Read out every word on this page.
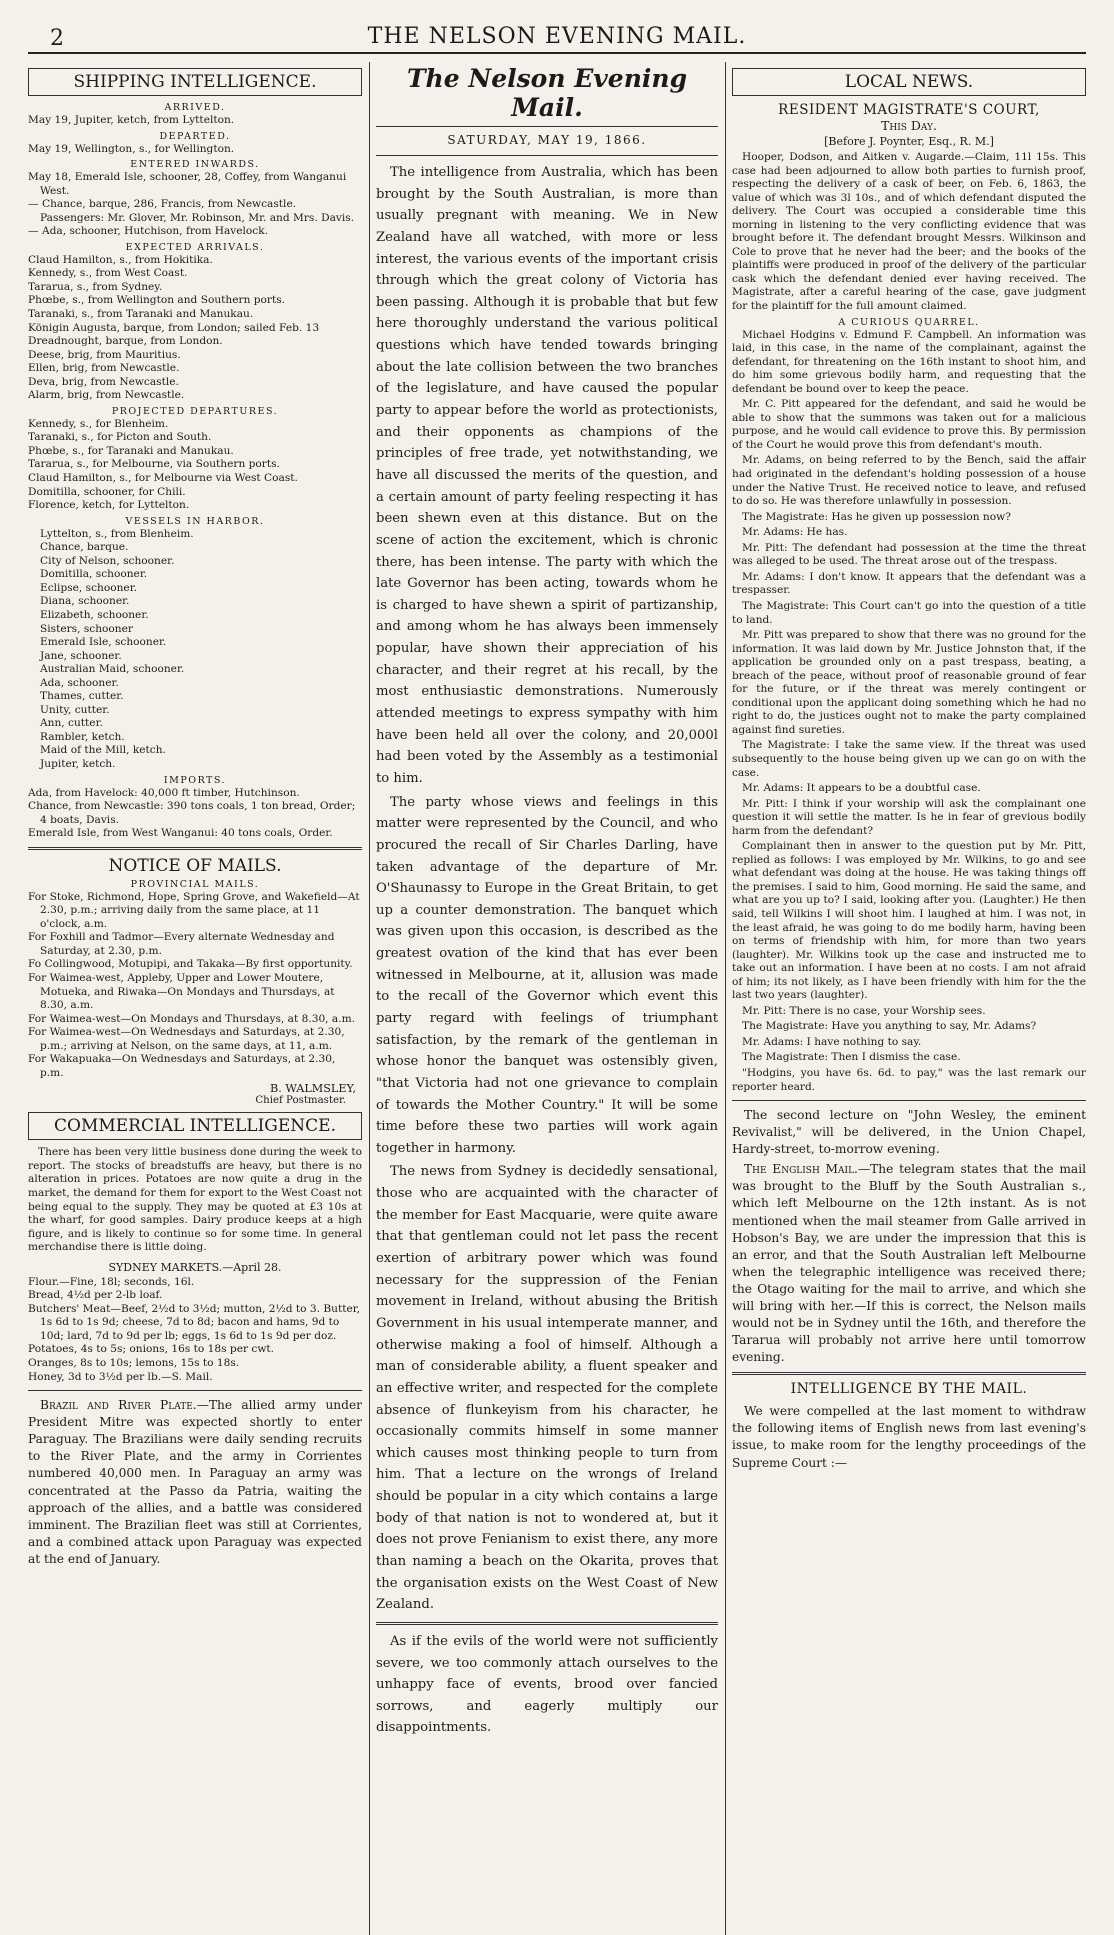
2	THE NELSON EVENING MAIL.
SHIPPING INTELLIGENCE.
ARRIVED.

May 19, Jupiter, ketch, from Lyttelton.

DEPARTED.

May 19, Wellington, s., for Wellington.

ENTERED INWARDS.

May 18, Emerald Isle, schooner, 28, Coffey, from Wanganui West.

— Chance, barque, 286, Francis, from Newcastle. Passengers: Mr. Glover, Mr. Robinson, Mr. and Mrs. Davis.

— Ada, schooner, Hutchison, from Havelock.

EXPECTED ARRIVALS.

Claud Hamilton, s., from Hokitika.

Kennedy, s., from West Coast.

Tararua, s., from Sydney.

Phœbe, s., from Wellington and Southern ports.

Taranaki, s., from Taranaki and Manukau.

Königin Augusta, barque, from London; sailed Feb. 13

Dreadnought, barque, from London.

Deese, brig, from Mauritius.

Ellen, brig, from Newcastle.

Deva, brig, from Newcastle.

Alarm, brig, from Newcastle.

PROJECTED DEPARTURES.

Kennedy, s., for Blenheim.

Taranaki, s., for Picton and South.

Phœbe, s., for Taranaki and Manukau.

Tararua, s., for Melbourne, via Southern ports.

Claud Hamilton, s., for Melbourne via West Coast.

Domitilla, schooner, for Chili.

Florence, ketch, for Lyttelton.

VESSELS IN HARBOR.

Lyttelton, s., from Blenheim.

Chance, barque.

City of Nelson, schooner.

Domitilla, schooner.

Eclipse, schooner.

Diana, schooner.

Elizabeth, schooner.

Sisters, schooner

Emerald Isle, schooner.

Jane, schooner.

Australian Maid, schooner.

Ada, schooner.

Thames, cutter.

Unity, cutter.

Ann, cutter.

Rambler, ketch.

Maid of the Mill, ketch.

Jupiter, ketch.

IMPORTS.

Ada, from Havelock: 40,000 ft timber, Hutchinson.

Chance, from Newcastle: 390 tons coals, 1 ton bread, Order; 4 boats, Davis.

Emerald Isle, from West Wanganui: 40 tons coals, Order.

NOTICE OF MAILS.
PROVINCIAL MAILS.

For Stoke, Richmond, Hope, Spring Grove, and Wakefield—At 2.30, p.m.; arriving daily from the same place, at 11 o'clock, a.m.

For Foxhill and Tadmor—Every alternate Wednesday and Saturday, at 2.30, p.m.

Fo Collingwood, Motupipi, and Takaka—By first opportunity.

For Waimea-west, Appleby, Upper and Lower Moutere, Motueka, and Riwaka—On Mondays and Thursdays, at 8.30, a.m.

For Waimea-west—On Mondays and Thursdays, at 8.30, a.m.

For Waimea-west—On Wednesdays and Saturdays, at 2.30, p.m.; arriving at Nelson, on the same days, at 11, a.m.

For Wakapuaka—On Wednesdays and Saturdays, at 2.30, p.m.

B. WALMSLEY,
Chief Postmaster.
COMMERCIAL INTELLIGENCE.

There has been very little business done during the week to report. The stocks of breadstuffs are heavy, but there is no alteration in prices. Potatoes are now quite a drug in the market, the demand for them for export to the West Coast not being equal to the supply. They may be quoted at £3 10s at the wharf, for good samples. Dairy produce keeps at a high figure, and is likely to continue so for some time. In general merchandise there is little doing.

SYDNEY MARKETS.—April 28.

Flour.—Fine, 18l; seconds, 16l.

Bread, 4½d per 2-lb loaf.

Butchers' Meat—Beef, 2½d to 3½d; mutton, 2½d to 3. Butter, 1s 6d to 1s 9d; cheese, 7d to 8d; bacon and hams, 9d to 10d; lard, 7d to 9d per lb; eggs, 1s 6d to 1s 9d per doz.

Potatoes, 4s to 5s; onions, 16s to 18s per cwt.

Oranges, 8s to 10s; lemons, 15s to 18s.

Honey, 3d to 3½d per lb.—S. Mail.

Brazil and River Plate.—The allied army under President Mitre was expected shortly to enter Paraguay. The Brazilians were daily sending recruits to the River Plate, and the army in Corrientes numbered 40,000 men. In Paraguay an army was concentrated at the Passo da Patria, waiting the approach of the allies, and a battle was considered imminent. The Brazilian fleet was still at Corrientes, and a combined attack upon Paraguay was expected at the end of January.

The Nelson Evening Mail.
SATURDAY, MAY 19, 1866.

The intelligence from Australia, which has been brought by the South Australian, is more than usually pregnant with meaning. We in New Zealand have all watched, with more or less interest, the various events of the important crisis through which the great colony of Victoria has been passing. Although it is probable that but few here thoroughly understand the various political questions which have tended towards bringing about the late collision between the two branches of the legislature, and have caused the popular party to appear before the world as protectionists, and their opponents as champions of the principles of free trade, yet notwithstanding, we have all discussed the merits of the question, and a certain amount of party feeling respecting it has been shewn even at this distance. But on the scene of action the excitement, which is chronic there, has been intense. The party with which the late Governor has been acting, towards whom he is charged to have shewn a spirit of partizanship, and among whom he has always been immensely popular, have shown their appreciation of his character, and their regret at his recall, by the most enthusiastic demonstrations. Numerously attended meetings to express sympathy with him have been held all over the colony, and 20,000l had been voted by the Assembly as a testimonial to him.

The party whose views and feelings in this matter were represented by the Council, and who procured the recall of Sir Charles Darling, have taken advantage of the departure of Mr. O'Shaunassy to Europe in the Great Britain, to get up a counter demonstration. The banquet which was given upon this occasion, is described as the greatest ovation of the kind that has ever been witnessed in Melbourne, at it, allusion was made to the recall of the Governor which event this party regard with feelings of triumphant satisfaction, by the remark of the gentleman in whose honor the banquet was ostensibly given, "that Victoria had not one grievance to complain of towards the Mother Country." It will be some time before these two parties will work again together in harmony.

The news from Sydney is decidedly sensational, those who are acquainted with the character of the member for East Macquarie, were quite aware that that gentleman could not let pass the recent exertion of arbitrary power which was found necessary for the suppression of the Fenian movement in Ireland, without abusing the British Government in his usual intemperate manner, and otherwise making a fool of himself. Although a man of considerable ability, a fluent speaker and an effective writer, and respected for the complete absence of flunkeyism from his character, he occasionally commits himself in some manner which causes most thinking people to turn from him. That a lecture on the wrongs of Ireland should be popular in a city which contains a large body of that nation is not to wondered at, but it does not prove Fenianism to exist there, any more than naming a beach on the Okarita, proves that the organisation exists on the West Coast of New Zealand.

As if the evils of the world were not sufficiently severe, we too commonly attach ourselves to the unhappy face of events, brood over fancied sorrows, and eagerly multiply our disappointments.

LOCAL NEWS.
RESIDENT MAGISTRATE'S COURT,
This Day.
[Before J. Poynter, Esq., R. M.]

Hooper, Dodson, and Aitken v. Augarde.—Claim, 11l 15s. This case had been adjourned to allow both parties to furnish proof, respecting the delivery of a cask of beer, on Feb. 6, 1863, the value of which was 3l 10s., and of which defendant disputed the delivery. The Court was occupied a considerable time this morning in listening to the very conflicting evidence that was brought before it. The defendant brought Messrs. Wilkinson and Cole to prove that he never had the beer; and the books of the plaintiffs were produced in proof of the delivery of the particular cask which the defendant denied ever having received. The Magistrate, after a careful hearing of the case, gave judgment for the plaintiff for the full amount claimed.

A CURIOUS QUARREL.

Michael Hodgins v. Edmund F. Campbell. An information was laid, in this case, in the name of the complainant, against the defendant, for threatening on the 16th instant to shoot him, and do him some grievous bodily harm, and requesting that the defendant be bound over to keep the peace.

Mr. C. Pitt appeared for the defendant, and said he would be able to show that the summons was taken out for a malicious purpose, and he would call evidence to prove this. By permission of the Court he would prove this from defendant's mouth.

Mr. Adams, on being referred to by the Bench, said the affair had originated in the defendant's holding possession of a house under the Native Trust. He received notice to leave, and refused to do so. He was therefore unlawfully in possession.

The Magistrate: Has he given up possession now?

Mr. Adams: He has.

Mr. Pitt: The defendant had possession at the time the threat was alleged to be used. The threat arose out of the trespass.

Mr. Adams: I don't know. It appears that the defendant was a trespasser.

The Magistrate: This Court can't go into the question of a title to land.

Mr. Pitt was prepared to show that there was no ground for the information. It was laid down by Mr. Justice Johnston that, if the application be grounded only on a past trespass, beating, a breach of the peace, without proof of reasonable ground of fear for the future, or if the threat was merely contingent or conditional upon the applicant doing something which he had no right to do, the justices ought not to make the party complained against find sureties.

The Magistrate: I take the same view. If the threat was used subsequently to the house being given up we can go on with the case.

Mr. Adams: It appears to be a doubtful case.

Mr. Pitt: I think if your worship will ask the complainant one question it will settle the matter. Is he in fear of grevious bodily harm from the defendant?

Complainant then in answer to the question put by Mr. Pitt, replied as follows: I was employed by Mr. Wilkins, to go and see what defendant was doing at the house. He was taking things off the premises. I said to him, Good morning. He said the same, and what are you up to? I said, looking after you. (Laughter.) He then said, tell Wilkins I will shoot him. I laughed at him. I was not, in the least afraid, he was going to do me bodily harm, having been on terms of friendship with him, for more than two years (laughter). Mr. Wilkins took up the case and instructed me to take out an information. I have been at no costs. I am not afraid of him; its not likely, as I have been friendly with him for the the last two years (laughter).

Mr. Pitt: There is no case, your Worship sees.

The Magistrate: Have you anything to say, Mr. Adams?

Mr. Adams: I have nothing to say.

The Magistrate: Then I dismiss the case.

"Hodgins, you have 6s. 6d. to pay," was the last remark our reporter heard.

The second lecture on "John Wesley, the eminent Revivalist," will be delivered, in the Union Chapel, Hardy-street, to-morrow evening.

The English Mail.—The telegram states that the mail was brought to the Bluff by the South Australian s., which left Melbourne on the 12th instant. As is not mentioned when the mail steamer from Galle arrived in Hobson's Bay, we are under the impression that this is an error, and that the South Australian left Melbourne when the telegraphic intelligence was received there; the Otago waiting for the mail to arrive, and which she will bring with her.—If this is correct, the Nelson mails would not be in Sydney until the 16th, and therefore the Tararua will probably not arrive here until tomorrow evening.

INTELLIGENCE BY THE MAIL.

We were compelled at the last moment to withdraw the following items of English news from last evening's issue, to make room for the lengthy proceedings of the Supreme Court :—
